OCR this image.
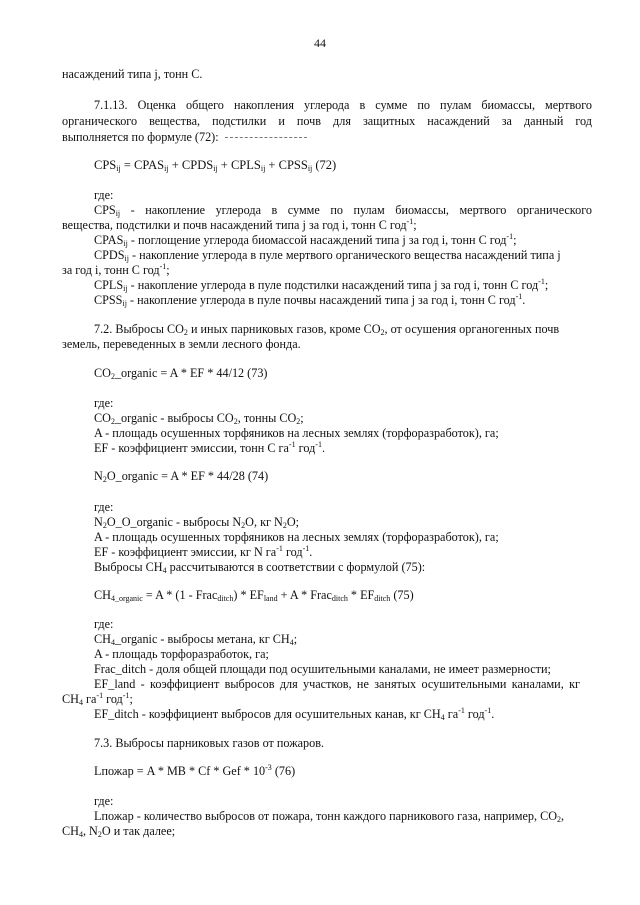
44
насаждений типа j, тонн С.
7.1.13. Оценка общего накопления углерода в сумме по пулам биомассы, мертвого
органического вещества, подстилки и почв для защитных насаждений за данный год
выполняется по формуле (72):
$CPS_{ij}$ = $CPAS_{ij}$ + $CPDS_{ij}$ + $CPLS_{ij}$ + $CPSS_{ij}$ (72)
где:
$CPS_{ij}$ - накопление углерода в сумме по пулам биомассы, мертвого органического
вещества, подстилки и почв насаждений типа j за год i, тонн С год$^{-1}$;
$CPAS_{ij}$ - поглощение углерода биомассой насаждений типа j за год i, тонн С год$^{-1}$;
$CPDS_{ij}$ - накопление углерода в пуле мертвого органического вещества насаждений типа j
за год i, тонн С год$^{-1}$;
$CPLS_{ij}$ - накопление углерода в пуле подстилки насаждений типа j за год i, тонн С год$^{-1}$;
$CPSS_{ij}$ - накопление углерода в пуле почвы насаждений типа j за год i, тонн С год$^{-1}$.
7.2. Выбросы $CO_2$ и иных парниковых газов, кроме $CO_2$, от осушения органогенных почв
земель, переведенных в земли лесного фонда.
$CO_2\_organic = A$ * EF * 44/12 (73)
где:
$CO_2\_organic$ - выбросы $CO_2$, тонны $CO_2$;
A - площадь осушенных торфяников на лесных землях (торфоразработок), га;
EF - коэффициент эмиссии, тонн С $га^{-1}$ год$^{-1}$.
$N_2O\_organic = A$ * EF * 44/28 (74)
где:
$N_2O\_O\_organic$ - выбросы $N_2O$, кг $N_2O$;
A - площадь осушенных торфяников на лесных землях (торфоразработок), га;
EF - коэффициент эмиссии, кг N $га^{-1}$ год$^{-1}$.
Выбросы $CH_4$ рассчитываются в соответствии с формулой (75):
$CH_{4\_organic} = A * (1$ - Frac$_{ditch}$) * $EF_{land} + A$ * Frac$_{ditch}$ * $EF_{ditch}$ (75)
где:
$CH_4\_organic$ - выбросы метана, кг $CH_4$;
A - площадь торфоразработок, га;
Frac_ditch - доля общей площади под осушительными каналами, не имеет размерности;
EF_land - коэффициент выбросов для участков, не занятых осушительными каналами, кг
$CH_4$ $га^{-1}$ год$^{-1}$;
EF_ditch - коэффициент выбросов для осушительных канав, кг $CH_4$ $га^{-1}$ год$^{-1}$.
7.3. Выбросы парниковых газов от пожаров.
Lпожар = A * MB * Cf * Gef * $10^{-3}$ (76)
где:
Lпожар - количество выбросов от пожара, тонн каждого парникового газа, например, $CO_2$,
$CH_4$, $N_2O$ и так далее;
